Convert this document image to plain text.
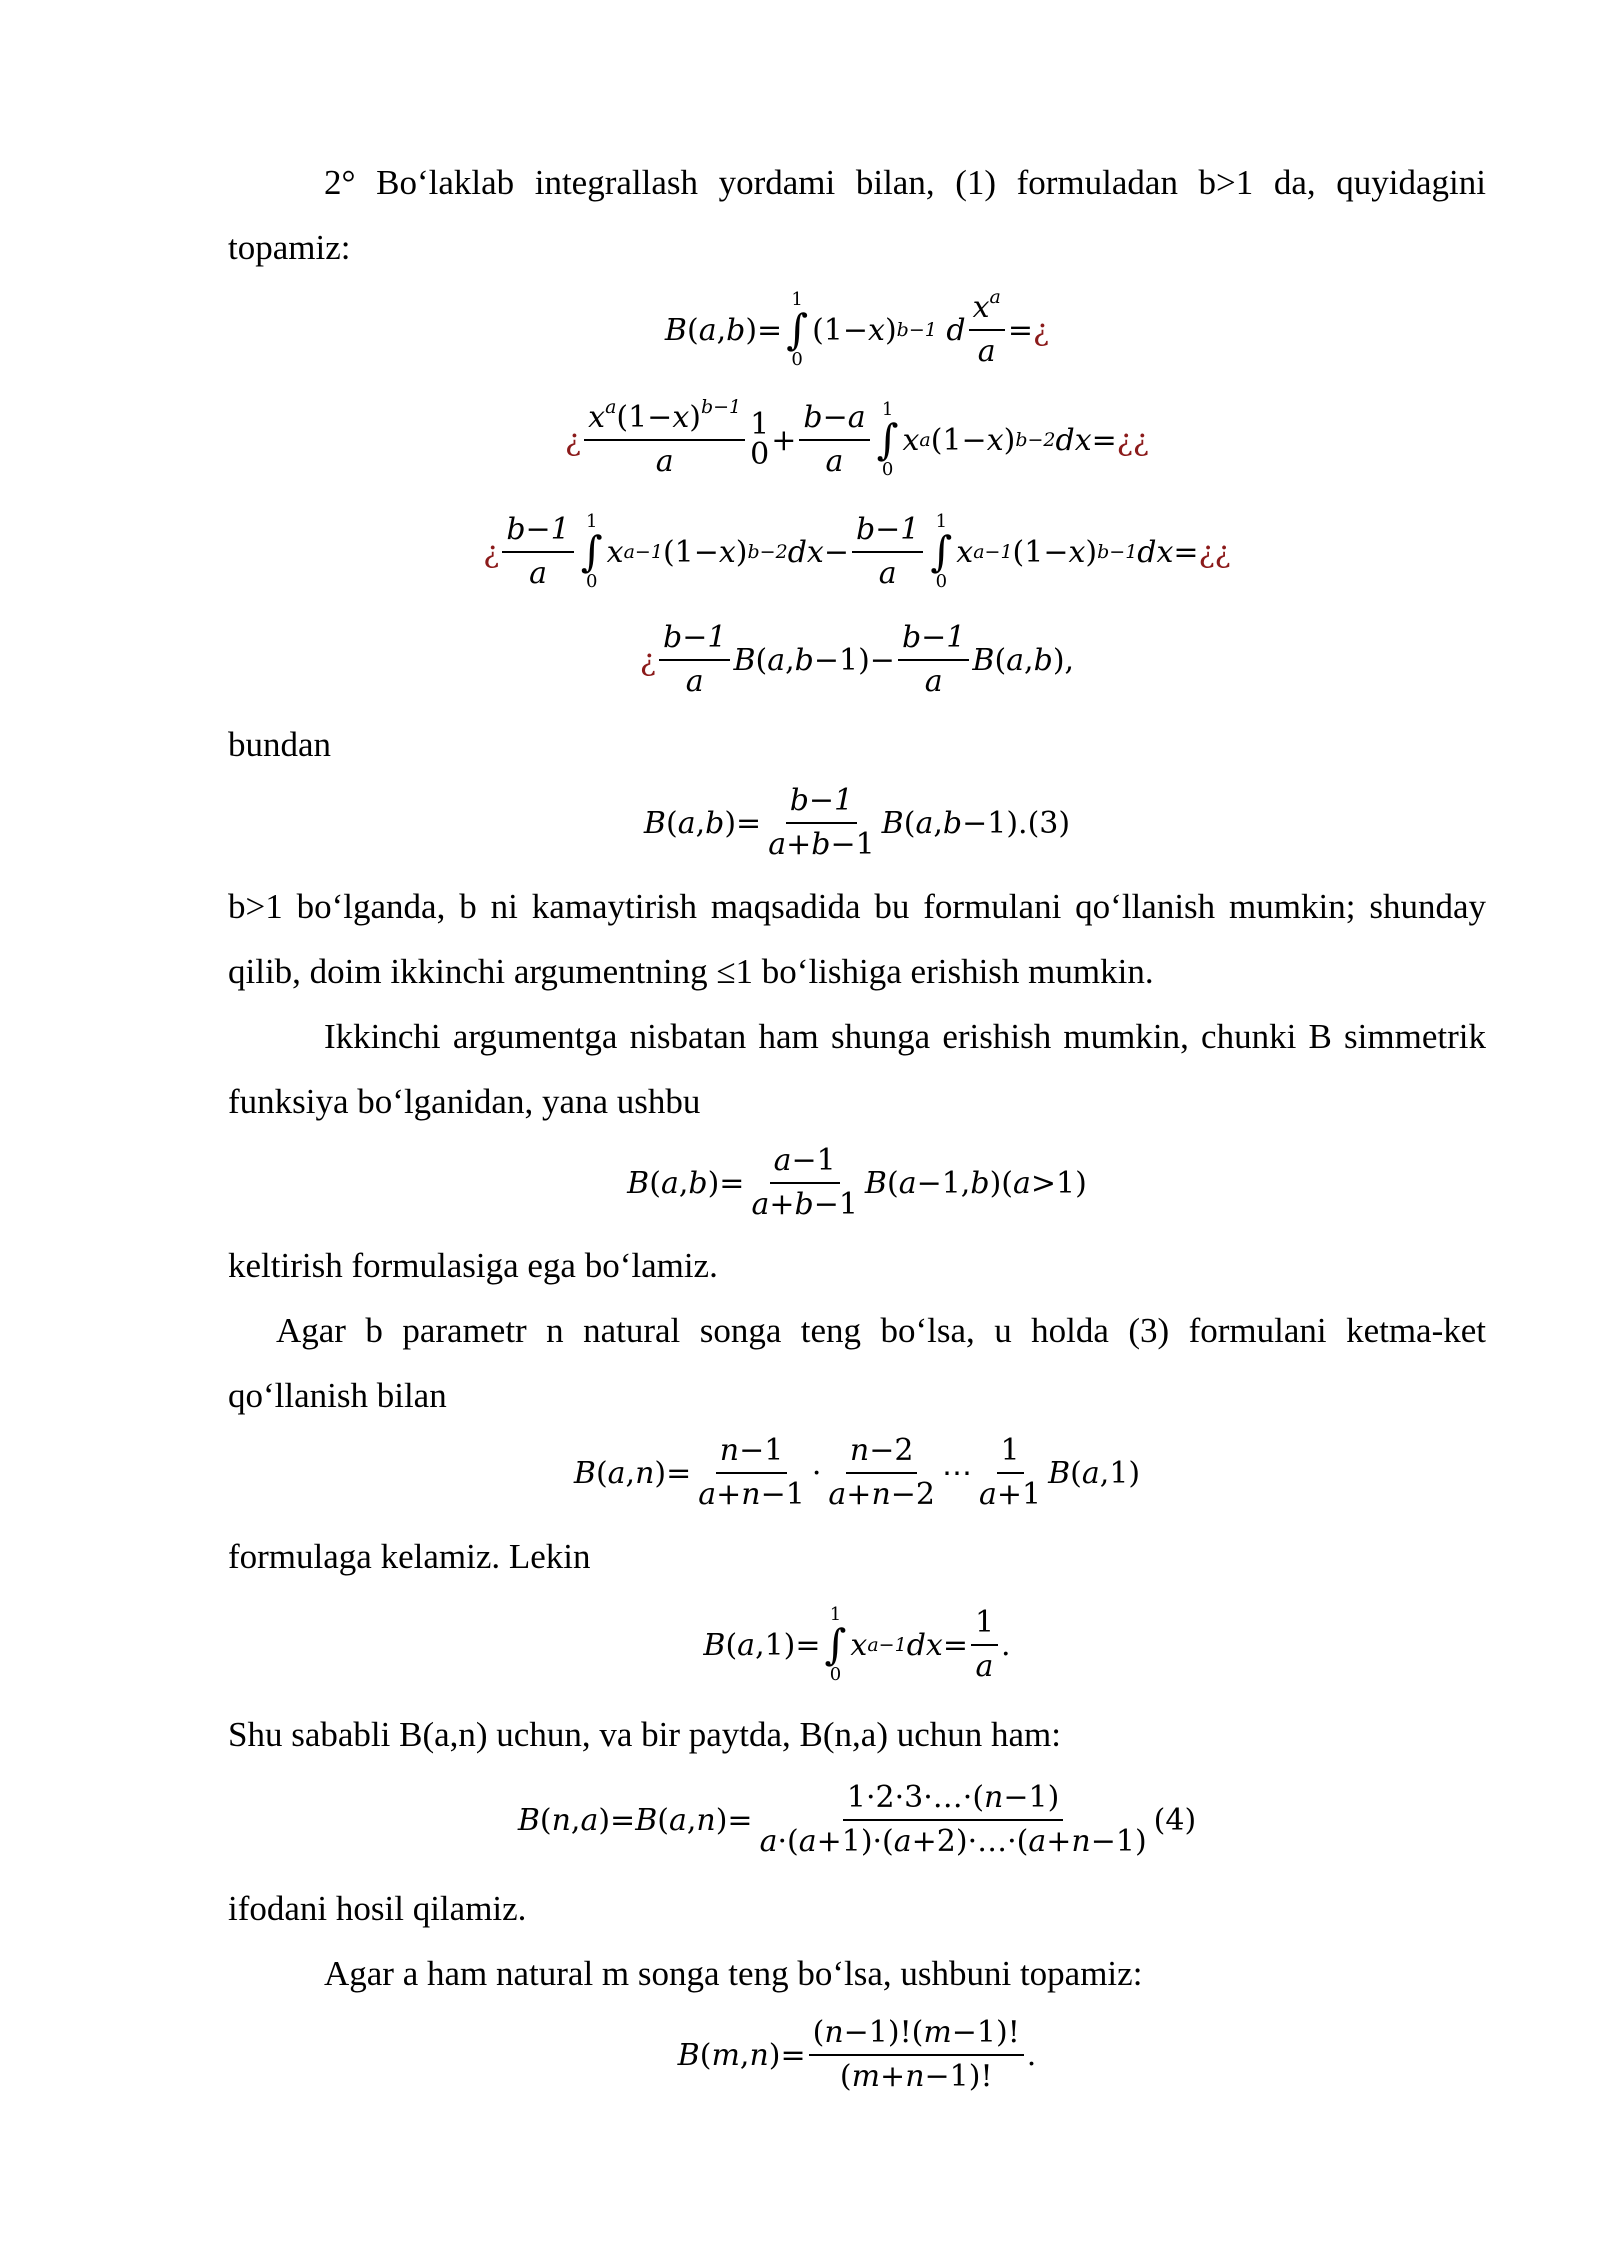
2° Bo‘laklab integrallash yordami bilan, (1) formuladan b>1 da, quyidagini topamiz:

B ( a , b )=
1
∫
0
(1− x ) b−1 d $\frac{x^a}{a}$ = ¿
¿ $\frac{x^a(1-x)^{b-1}}{a} 1$
$0 + \frac{b-a}{a} 1$
∫
0
x a (1− x ) b−2 dx = ¿¿
¿ $\frac{b-1}{a} 1$
∫
0
x a−1 (1− x ) b−2 dx − $\frac{b-1}{a} 1$
∫
0
x a−1 (1− x ) b−1 dx = ¿¿
¿ $\frac{b-1}{a}$ B ( a , $b -1)- \frac{b-1}{a}$ B ( a , b ),

bundan

B ( a , b )= $\frac{b-1}{a+b-1}$ B ( a , b −1). (3)

b>1 bo‘lganda, b ni kamaytirish maqsadida bu formulani qo‘llanish mumkin; shunday qilib, doim ikkinchi argumentning ≤1 bo‘lishiga erishish mumkin.

Ikkinchi argumentga nisbatan ham shunga erishish mumkin, chunki B simmetrik funksiya bo‘lganidan, yana ushbu

B ( a , b )= $\frac{a-1}{a+b-1}$ B ( a −1, b )( a >1)

keltirish formulasiga ega bo‘lamiz.

Agar b parametr n natural songa teng bo‘lsa, u holda (3) formulani ketma-ket qo‘llanish bilan

B ( a , n )= $\frac{n-1}{a+n-1} \cdot \frac{n-2}{a+n-2}$ ⋯ $\frac{1}{a+1}$ B ( a ,1)

formulaga kelamiz. Lekin

B ( a ,1)=
1
∫
0
x a−1 dx = $\frac{1}{a}$ .

Shu sababli B(a,n) uchun, va bir paytda, B(n,a) uchun ham:

B ( n , a )= B ( a , n )= $\frac{1\cdot 2\cdot 3\cdot\dots\cdot(n-1)}{a\cdot(a+1)\cdot(a+2)\cdot\dots\cdot(a+n-1)} (4)$

ifodani hosil qilamiz.

Agar a ham natural m songa teng bo‘lsa, ushbuni topamiz:

B ( m , n )= $\frac{(n-1)!(m-1)!}{(m+n-1)!}$ .
